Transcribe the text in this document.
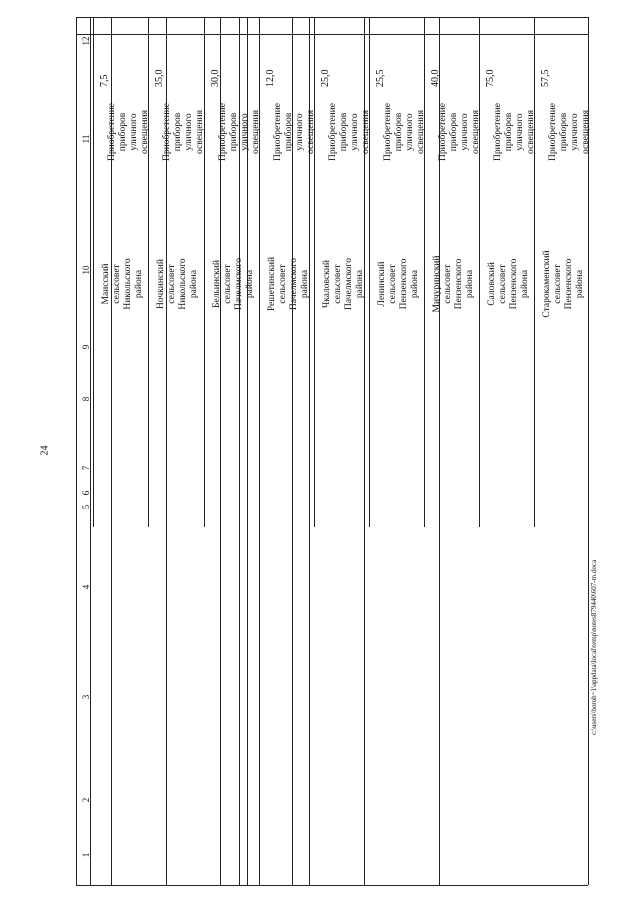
24
c:\users\boroh~1\appdata\local\temp\notes879440\607-m.doca
1
2
3
4
5
6
7
8
9
10
11
12
7,5
Приобретение
приборов уличного
освещения
Маисский
сельсовет
Никольского
района
35,0
Приобретение
приборов уличного
освещения
Ночкинский
сельсовет
Никольского
района
30,0
Приобретение
приборов уличного
освещения
Бельинский
сельсовет
Пачелмского
района
12,0
Приобретение
приборов уличного
освещения
Решетинский
сельсовет
Пачелмского
района
25,0
Приобретение
приборов уличного
освещения
Чкаловский
сельсовет
Пачелмского
района
25,5
Приобретение
приборов уличного
освещения
Ленинский
сельсовет
Пензенского
района
40,0
Приобретение
приборов уличного
освещения
Мичуринский
сельсовет
Пензенского
района
75,0
Приобретение
приборов уличного
освещения
Саловский
сельсовет
Пензенского
района
57,5
Приобретение
приборов уличного
освещения
Старокаменский
сельсовет
Пензенского
района
